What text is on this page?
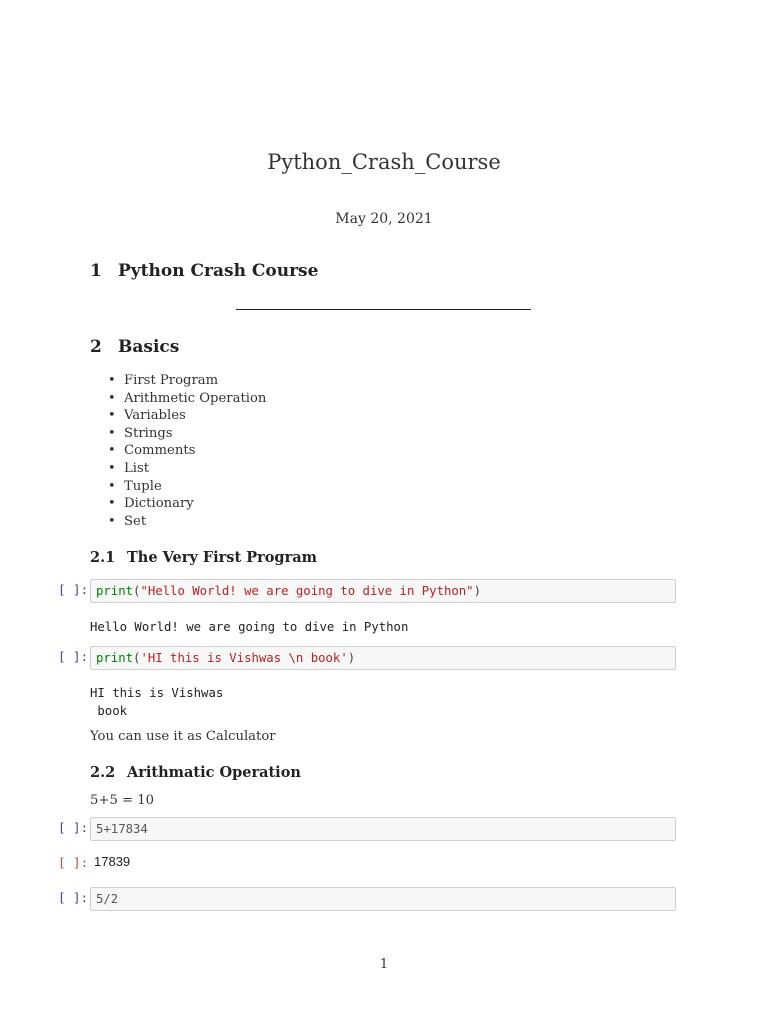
Python_Crash_Course
May 20, 2021
1 Python Crash Course
2 Basics
• First Program
• Arithmetic Operation
• Variables
• Strings
• Comments
• List
• Tuple
• Dictionary
• Set
2.1 The Very First Program
[ ]: print("Hello World! we are going to dive in Python")
Hello World! we are going to dive in Python
[ ]: print('HI this is Vishwas \n book')
HI this is Vishwas
book
You can use it as Calculator
2.2 Arithmatic Operation
5+5 = 10
[ ]: 5+17834
[ ]: 17839
[ ]: 5/2
1
